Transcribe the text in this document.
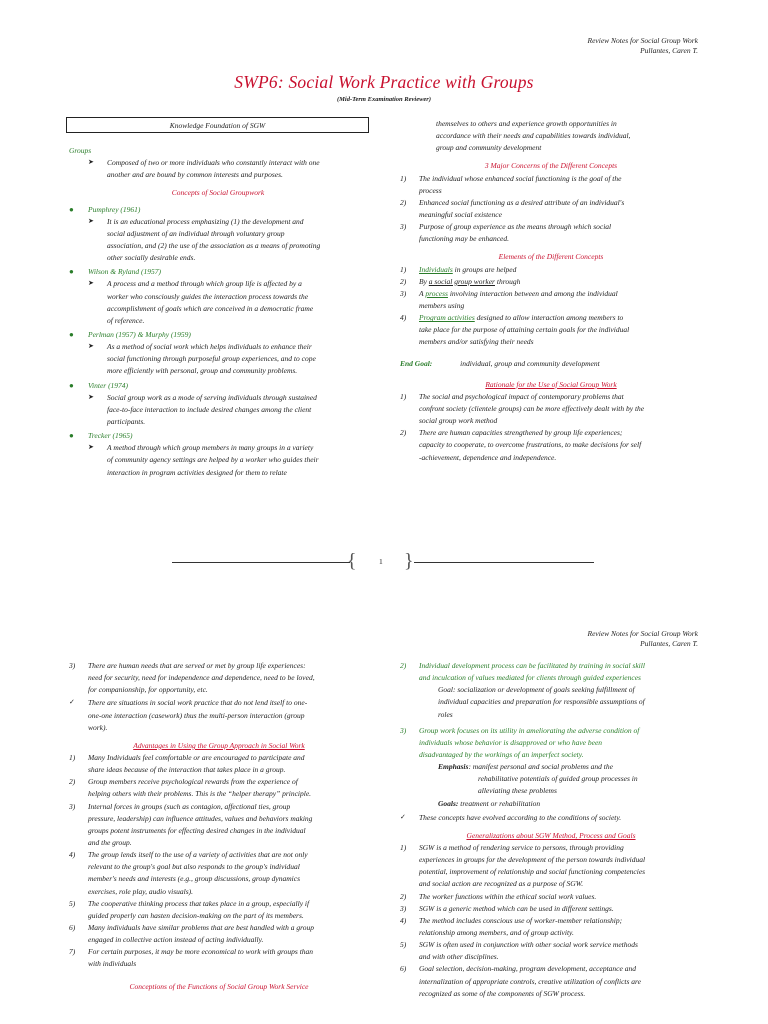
Review Notes for Social Group Work
Pullantes, Caren T.
SWP6: Social Work Practice with Groups
(Mid-Term Examination Reviewer)
Knowledge Foundation of SGW
Groups
➤ Composed of two or more individuals who constantly interact with one
another and are bound by common interests and purposes.
Concepts of Social Groupwork
● Pumphrey (1961)
➤ It is an educational process emphasizing (1) the development and
social adjustment of an individual through voluntary group
association, and (2) the use of the association as a means of promoting
other socially desirable ends.
● Wilson & Ryland (1957)
➤ A process and a method through which group life is affected by a
worker who consciously guides the interaction process towards the
accomplishment of goals which are conceived in a democratic frame
of reference.
● Perlman (1957) & Murphy (1959)
➤ As a method of social work which helps individuals to enhance their
social functioning through purposeful group experiences, and to cope
more efficiently with personal, group and community problems.
● Vinter (1974)
➤ Social group work as a mode of serving individuals through sustained
face-to-face interaction to include desired changes among the client
participants.
● Trecker (1965)
➤ A method through which group members in many groups in a variety
of community agency settings are helped by a worker who guides their
interaction in program activities designed for them to relate
themselves to others and experience growth opportunities in
accordance with their needs and capabilities towards individual,
group and community development
3 Major Concerns of the Different Concepts
1) The individual whose enhanced social functioning is the goal of the
process
2) Enhanced social functioning as a desired attribute of an individual's
meaningful social existence
3) Purpose of group experience as the means through which social
functioning may be enhanced.
Elements of the Different Concepts
1) Individuals in groups are helped
2) By a social group worker through
3) A process involving interaction between and among the individual
members using
4) Program activities designed to allow interaction among members to
take place for the purpose of attaining certain goals for the individual
members and/or satisfying their needs
End Goal:	individual, group and community development
Rationale for the Use of Social Group Work
1) The social and psychological impact of contemporary problems that
confront society (clientele groups) can be more effectively dealt with by the
social group work method
2) There are human capacities strengthened by group life experiences;
capacity to cooperate, to overcome frustrations, to make decisions for self
-achievement, dependence and independence.
{	1 }
Review Notes for Social Group Work
Pullantes, Caren T.
3) There are human needs that are served or met by group life experiences:
need for security, need for independence and dependence, need to be loved,
for companionship, for opportunity, etc.
✓ There are situations in social work practice that do not lend itself to one-
one-one interaction (casework) thus the multi-person interaction (group
work).
Advantages in Using the Group Approach in Social Work
1) Many Individuals feel comfortable or are encouraged to participate and
share ideas because of the interaction that takes place in a group.
2) Group members receive psychological rewards from the experience of
helping others with their problems. This is the “helper therapy” principle.
3) Internal forces in groups (such as contagion, affectional ties, group
pressure, leadership) can influence attitudes, values and behaviors making
groups potent instruments for effecting desired changes in the individual
and the group.
4) The group lends itself to the use of a variety of activities that are not only
relevant to the group's goal but also responds to the group's individual
member's needs and interests (e.g., group discussions, group dynamics
exercises, role play, audio visuals).
5) The cooperative thinking process that takes place in a group, especially if
guided properly can hasten decision-making on the part of its members.
6) Many individuals have similar problems that are best handled with a group
engaged in collective action instead of acting individually.
7) For certain purposes, it may be more economical to work with groups than
with individuals
Conceptions of the Functions of Social Group Work Service
2) Individual development process can be facilitated by training in social skill
and inculcation of values mediated for clients through guided experiences
Goal: socialization or development of goals seeking fulfillment of
individual capacities and preparation for responsible assumptions of
roles
3) Group work focuses on its utility in ameliorating the adverse condition of
individuals whose behavior is disapproved or who have been
disadvantaged by the workings of an imperfect society.
Emphasis: manifest personal and social problems and the
rehabilitative potentials of guided group processes in
alleviating these problems
Goals: treatment or rehabilitation
✓ These concepts have evolved according to the conditions of society.
Generalizations about SGW Method, Process and Goals
1) SGW is a method of rendering service to persons, through providing
experiences in groups for the development of the person towards individual
potential, improvement of relationship and social functioning competencies
and social action are recognized as a purpose of SGW.
2) The worker functions within the ethical social work values.
3) SGW is a generic method which can be used in different settings.
4) The method includes conscious use of worker-member relationship;
relationship among members, and of group activity.
5) SGW is often used in conjunction with other social work service methods
and with other disciplines.
6) Goal selection, decision-making, program development, acceptance and
internalization of appropriate controls, creative utilization of conflicts are
recognized as some of the components of SGW process.
